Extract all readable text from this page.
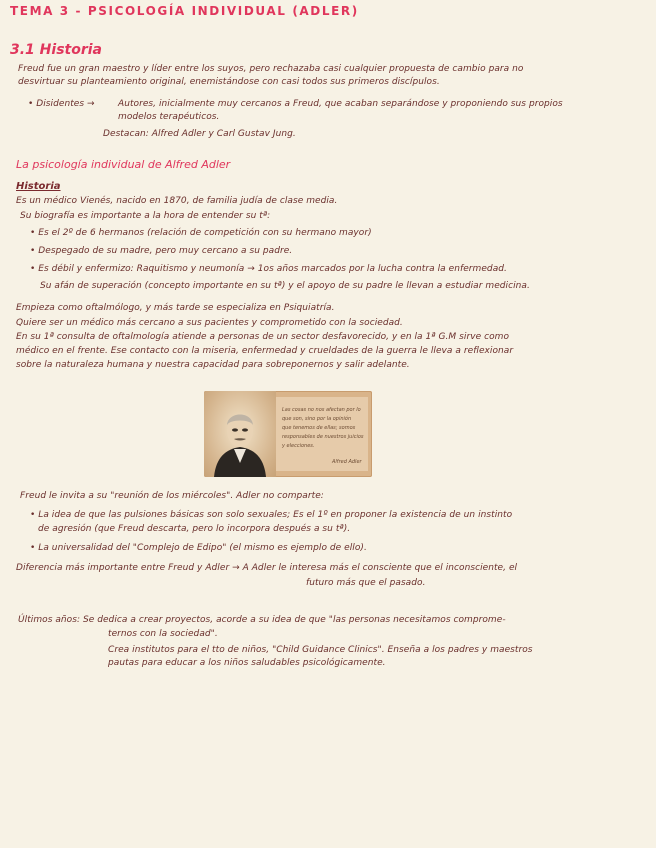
TEMA 3 - PSICOLOGÍA INDIVIDUAL (ADLER)
3.1 Historia
Freud fue un gran maestro y líder entre los suyos, pero rechazaba casi cualquier propuesta de cambio para no
desvirtuar su planteamiento original, enemistándose con casi todos sus primeros discípulos.
• Disidentes →	Autores, inicialmente muy cercanos a Freud, que acaban separándose y proponiendo sus propios
modelos terapéuticos.
Destacan: Alfred Adler y Carl Gustav Jung.
La psicología individual de Alfred Adler
Historia
Es un médico Vienés, nacido en 1870, de familia judía de clase media.
Su biografía es importante a la hora de entender su tª:
• Es el 2º de 6 hermanos (relación de competición con su hermano mayor)
• Despegado de su madre, pero muy cercano a su padre.
• Es débil y enfermizo: Raquitismo y neumonía → 1os años marcados por la lucha contra la enfermedad.
Su afán de superación (concepto importante en su tª) y el apoyo de su padre le llevan a estudiar medicina.
Empieza como oftalmólogo, y más tarde se especializa en Psiquiatría.
Quiere ser un médico más cercano a sus pacientes y comprometido con la sociedad.
En su 1ª consulta de oftalmología atiende a personas de un sector desfavorecido, y en la 1ª G.M sirve como
médico en el frente. Ese contacto con la miseria, enfermedad y crueldades de la guerra le lleva a reflexionar
sobre la naturaleza humana y nuestra capacidad para sobreponernos y salir adelante.
Las cosas no nos afectan por lo
que son, sino por la opinión
que tenemos de ellas; somos
responsables de nuestros juicios
y elecciones.
Alfred Adler
Freud le invita a su "reunión de los miércoles". Adler no comparte:
• La idea de que las pulsiones básicas son solo sexuales; Es el 1º en proponer la existencia de un instinto
de agresión (que Freud descarta, pero lo incorpora después a su tª).
• La universalidad del "Complejo de Edipo" (el mismo es ejemplo de ello).
Diferencia más importante entre Freud y Adler → A Adler le interesa más el consciente que el inconsciente, el
futuro más que el pasado.
Últimos años: Se dedica a crear proyectos, acorde a su idea de que "las personas necesitamos comprome-
ternos con la sociedad".
Crea institutos para el tto de niños, "Child Guidance Clinics". Enseña a los padres y maestros
pautas para educar a los niños saludables psicológicamente.
